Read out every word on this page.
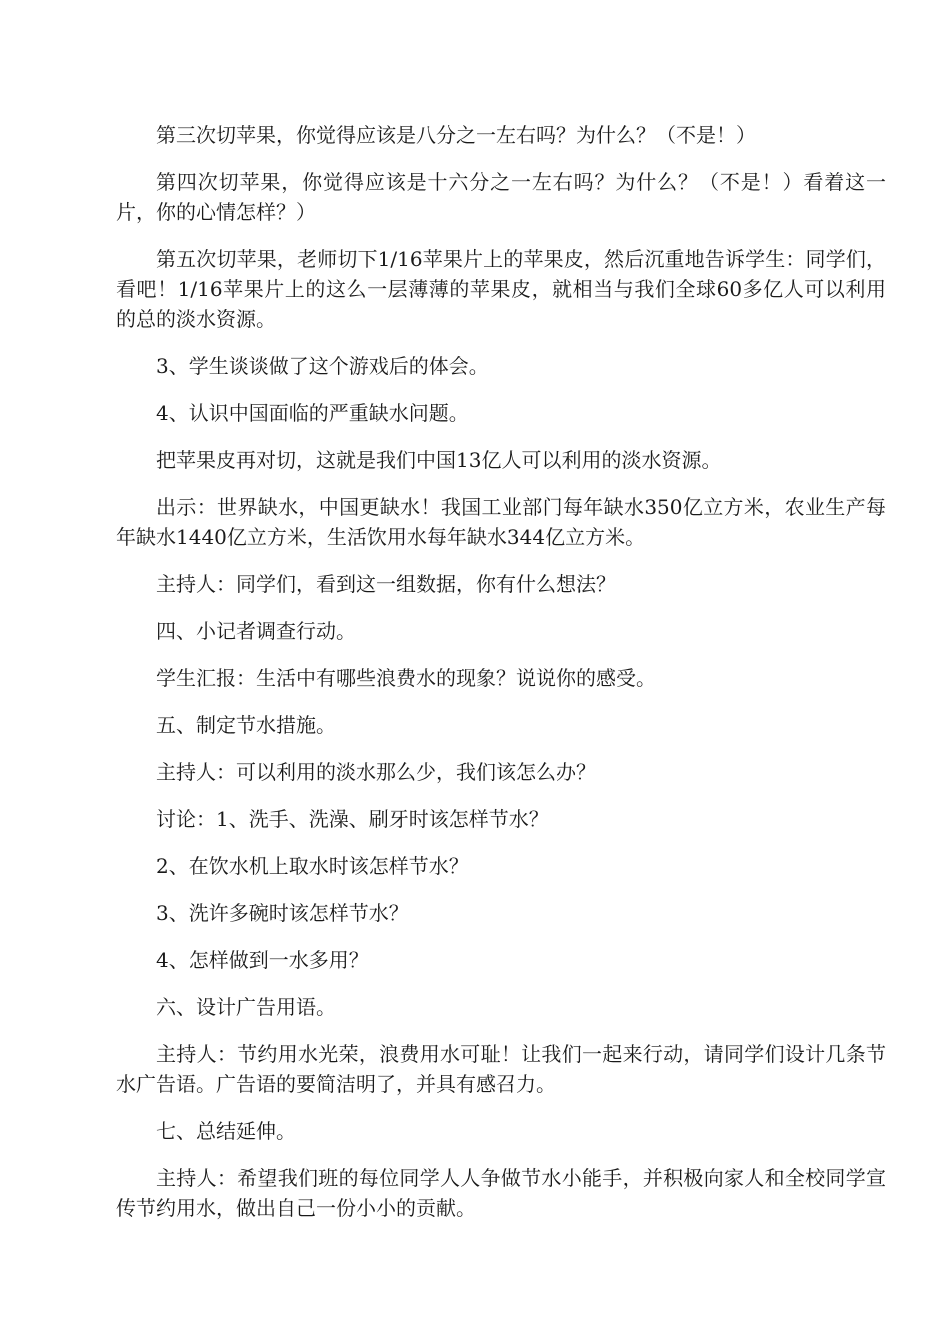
第三次切苹果，你觉得应该是八分之一左右吗？为什么？（不是！）

第四次切苹果，你觉得应该是十六分之一左右吗？为什么？（不是！）看着这一片，你的心情怎样？）

第五次切苹果，老师切下1/16苹果片上的苹果皮，然后沉重地告诉学生：同学们，看吧！1/16苹果片上的这么一层薄薄的苹果皮，就相当与我们全球60多亿人可以利用的总的淡水资源。

3、学生谈谈做了这个游戏后的体会。

4、认识中国面临的严重缺水问题。

把苹果皮再对切，这就是我们中国13亿人可以利用的淡水资源。

出示：世界缺水，中国更缺水！我国工业部门每年缺水350亿立方米，农业生产每年缺水1440亿立方米，生活饮用水每年缺水344亿立方米。

主持人：同学们，看到这一组数据，你有什么想法？

四、小记者调查行动。

学生汇报：生活中有哪些浪费水的现象？说说你的感受。

五、制定节水措施。

主持人：可以利用的淡水那么少，我们该怎么办？

讨论：1、洗手、洗澡、刷牙时该怎样节水？

2、在饮水机上取水时该怎样节水？

3、洗许多碗时该怎样节水？

4、怎样做到一水多用？

六、设计广告用语。

主持人：节约用水光荣，浪费用水可耻！让我们一起来行动，请同学们设计几条节水广告语。广告语的要简洁明了，并具有感召力。

七、总结延伸。

主持人：希望我们班的每位同学人人争做节水小能手，并积极向家人和全校同学宣传节约用水，做出自己一份小小的贡献。
